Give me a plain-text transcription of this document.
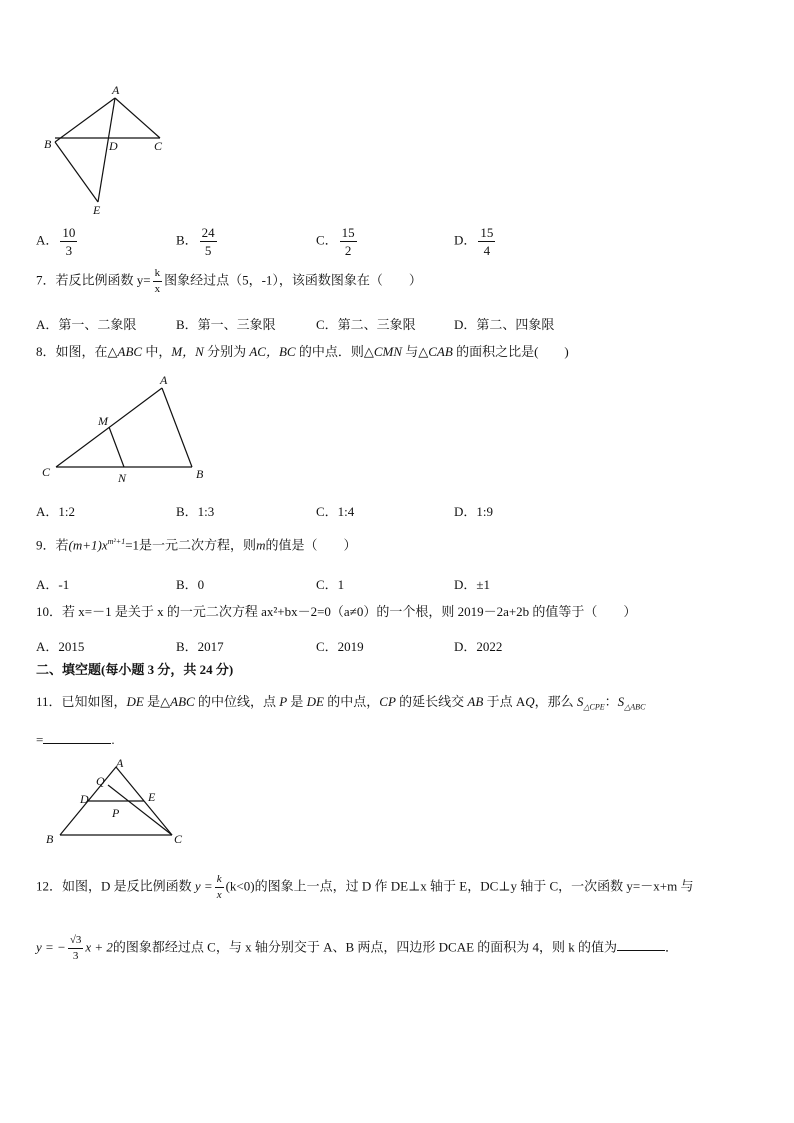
A
B	D	C
E
A． $\frac{10}{3}$	B． $\frac{24}{5}$	C． $\frac{15}{2}$	D． $\frac{15}{4}$
7．若反比例函数 $y= \frac{k}{x}$ 图象经过点（5，-1），该函数图象在（　　）
A．第一、二象限	B．第一、三象限	C．第二、三象限	D．第二、四象限
8．如图，在△ABC 中，M，N 分别为 AC，BC 的中点．则△CMN 与△CAB 的面积之比是(　　)
A
M
C	N	B
A．1:2	B．1:3	C．1:4	D．1:9
9．若$(m+1)x^{m^2+1}=1$是一元二次方程，则m的值是（　　）
A．-1	B．0	C．1	D．±1
10．若 x=－1 是关于 x 的一元二次方程 ax²+bx－2=0（a≠0）的一个根，则 2019－2a+2b 的值等于（　　）
A．2015	B．2017	C．2019	D．2022
二、填空题(每小题 3 分，共 24 分)
11．已知如图，DE 是△ABC 的中位线，点 P 是 DE 的中点，CP 的延长线交 AB 于点 AQ，那么 $S_{\triangle CPE}$：$S_{\triangle ABC}$
=	.
A
Q
D	E
P
B	C
12．如图，D 是反比例函数 $y = \frac{k}{x} (k<0)$的图象上一点，过 D 作 DE⊥x 轴于 E，DC⊥y 轴于 C，一次函数 y=－x+m 与
y = − $\frac{√3}{3}$ x + 2的图象都经过点 C，与 x 轴分别交于 A、B 两点，四边形 DCAE 的面积为 4，则 k 的值为	．
